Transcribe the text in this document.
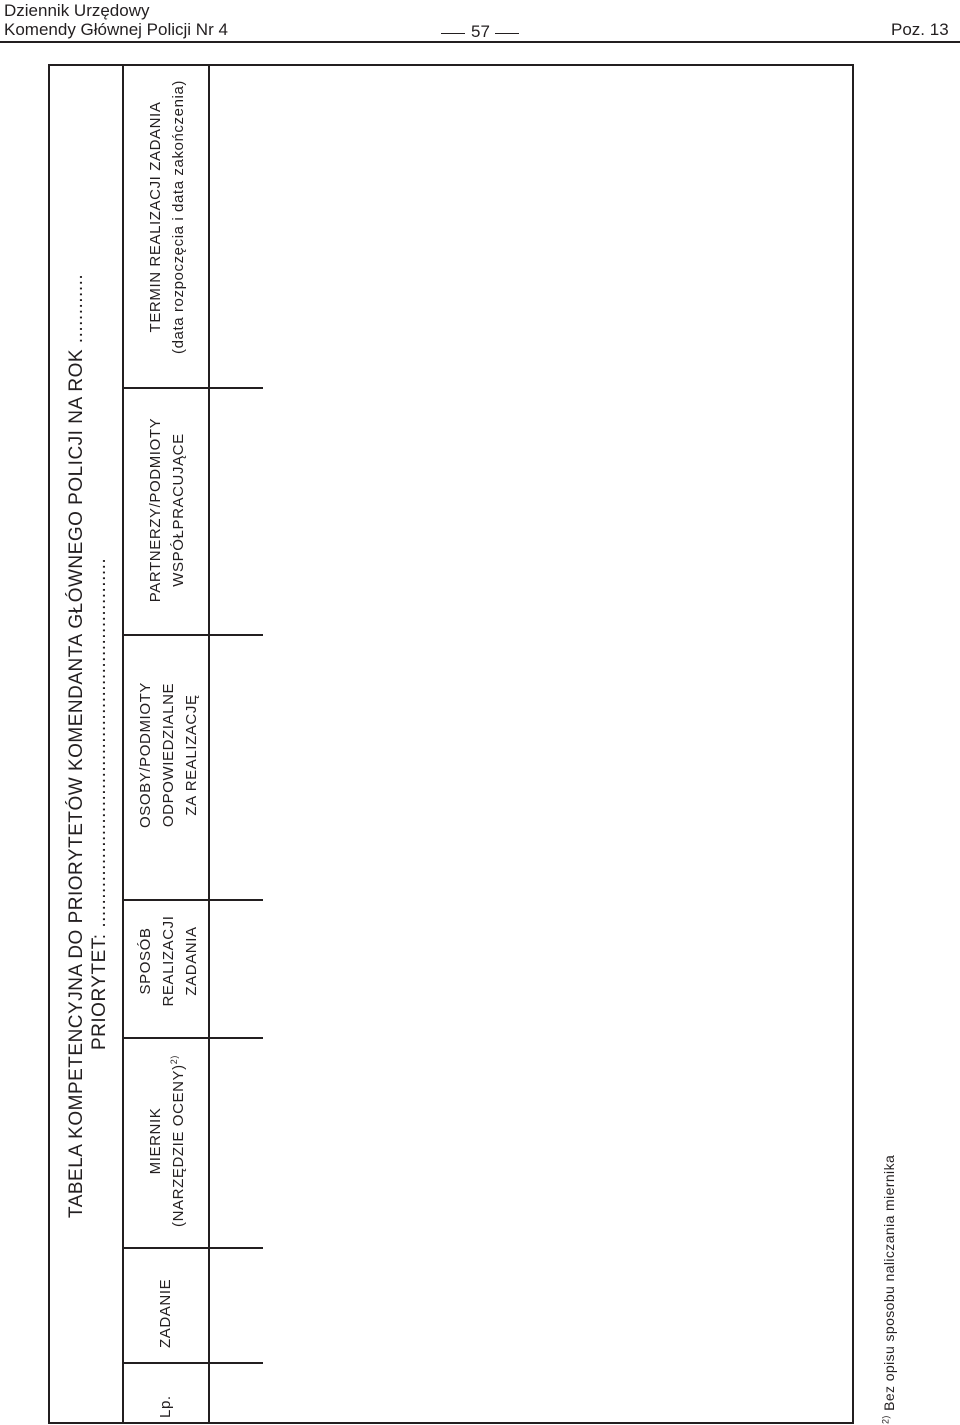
Dziennik Urzędowy
Komendy Głównej Policji Nr 4	57	Poz. 13
TABELA KOMPETENCYJNA DO PRIORYTETÓW KOMENDANTA GŁÓWNEGO POLICJI NA ROK ............ PRIORYTET: ................................................................
Lp.
ZADANIE
MIERNIK (NARZĘDZIE OCENY)$^{2)}$
SPOSÓB REALIZACJI ZADANIA
OSOBY/PODMIOTY ODPOWIEDZIALNE ZA REALIZACJĘ
PARTNERZY/PODMIOTY WSPÓŁPRACUJĄCE
TERMIN REALIZACJI ZADANIA (data rozpoczęcia i data zakończenia)
$^{2)}$ Bez opisu sposobu naliczania miernika
